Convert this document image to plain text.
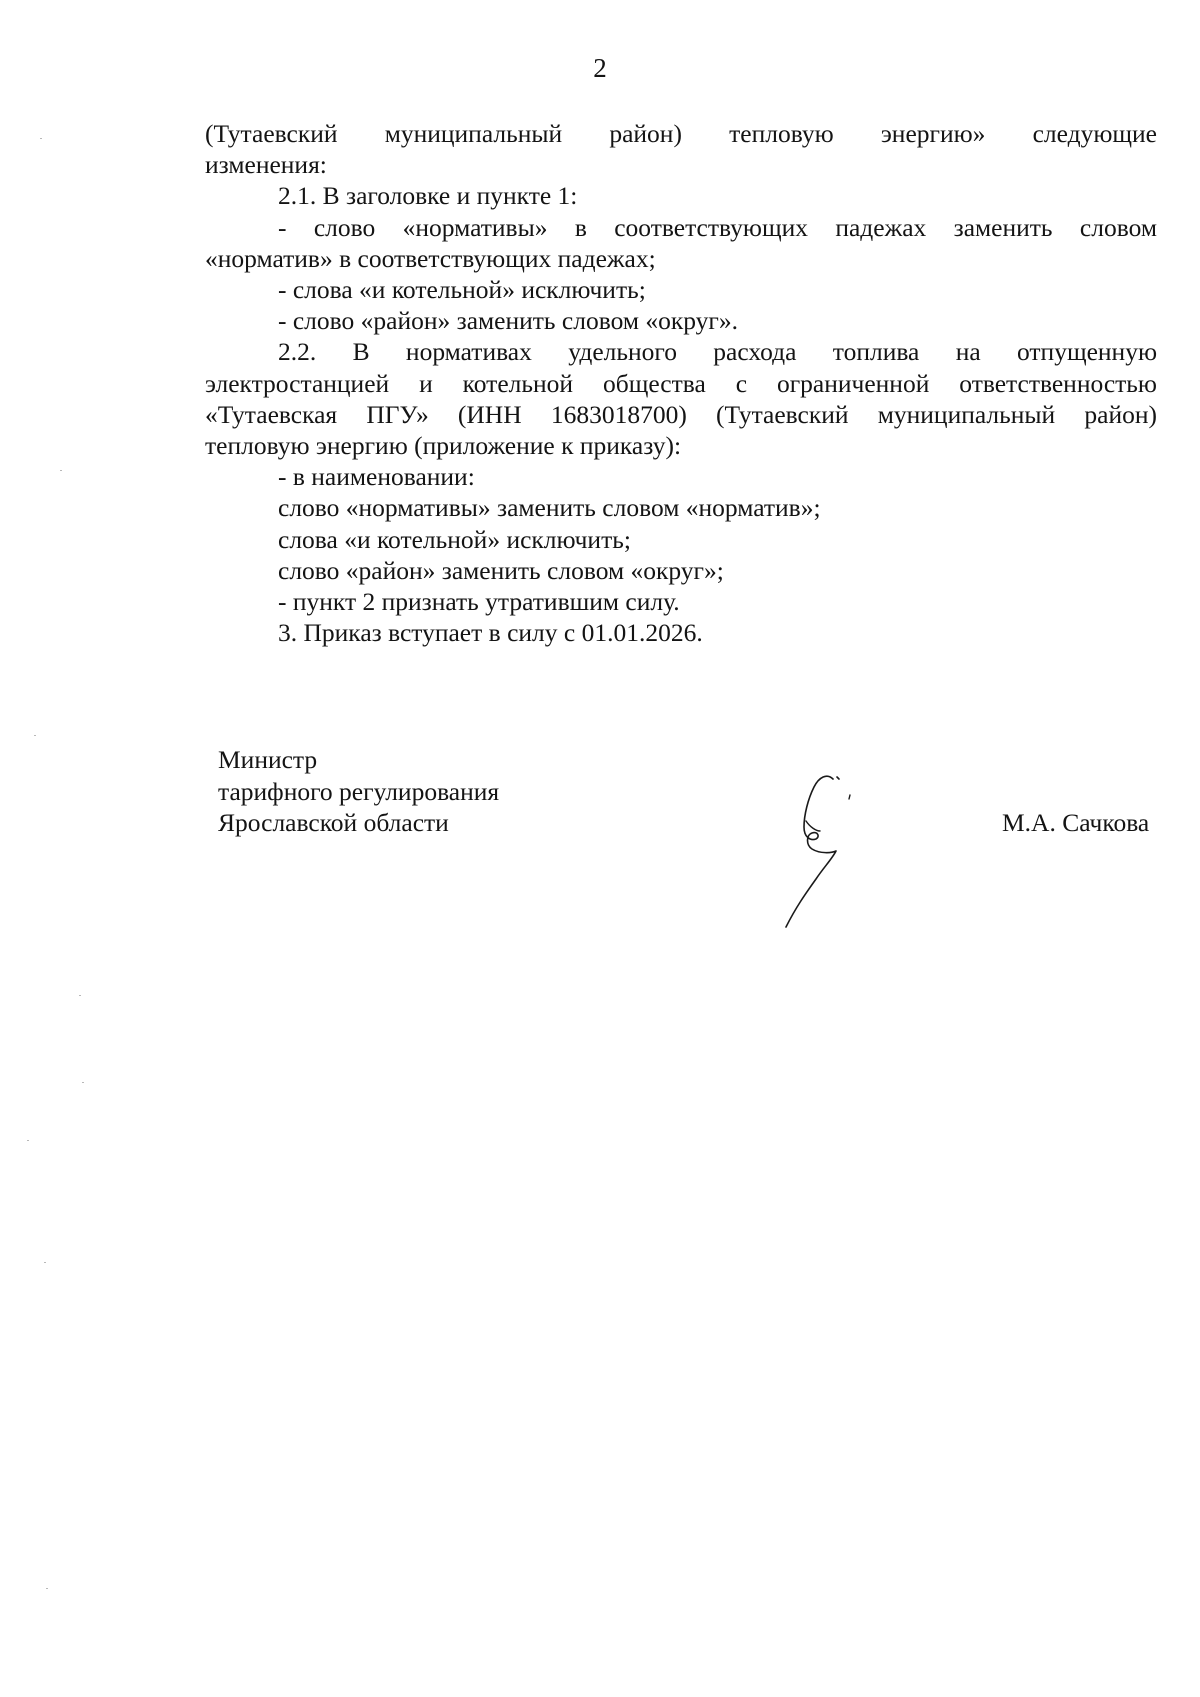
2
(Тутаевский муниципальный район) тепловую энергию» следующие
изменения:
2.1. В заголовке и пункте 1:
- слово «нормативы» в соответствующих падежах заменить словом
«норматив» в соответствующих падежах;
- слова «и котельной» исключить;
- слово «район» заменить словом «округ».
2.2. В нормативах удельного расхода топлива на отпущенную
электростанцией и котельной общества с ограниченной ответственностью
«Тутаевская ПГУ» (ИНН 1683018700) (Тутаевский муниципальный район)
тепловую энергию (приложение к приказу):
- в наименовании:
слово «нормативы» заменить словом «норматив»;
слова «и котельной» исключить;
слово «район» заменить словом «округ»;
- пункт 2 признать утратившим силу.
3. Приказ вступает в силу с 01.01.2026.
Министр
тарифного регулирования
Ярославской области	М.А. Сачкова
